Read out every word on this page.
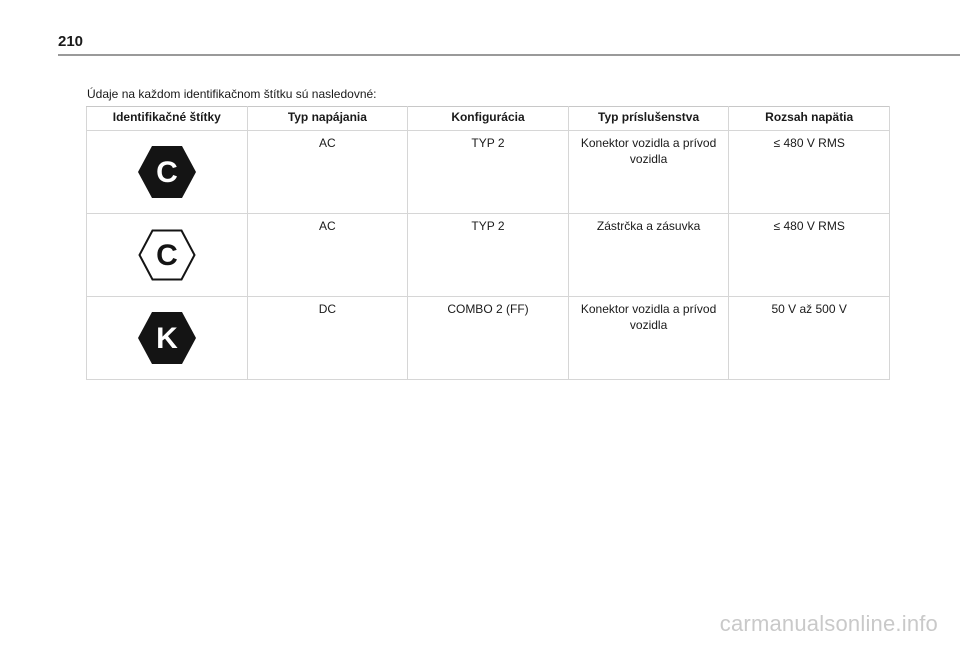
210
Údaje na každom identifikačnom štítku sú nasledovné:
Identifikačné štítky	Typ napájania	Konfigurácia	Typ príslušenstva	Rozsah napätia

C	AC	TYP 2	Konektor vozidla a prívod vozidla	≤ 480 V RMS

C	AC	TYP 2	Zástrčka a zásuvka	≤ 480 V RMS

K	DC	COMBO 2 (FF)	Konektor vozidla a prívod vozidla	50 V až 500 V
carmanualsonline.info
